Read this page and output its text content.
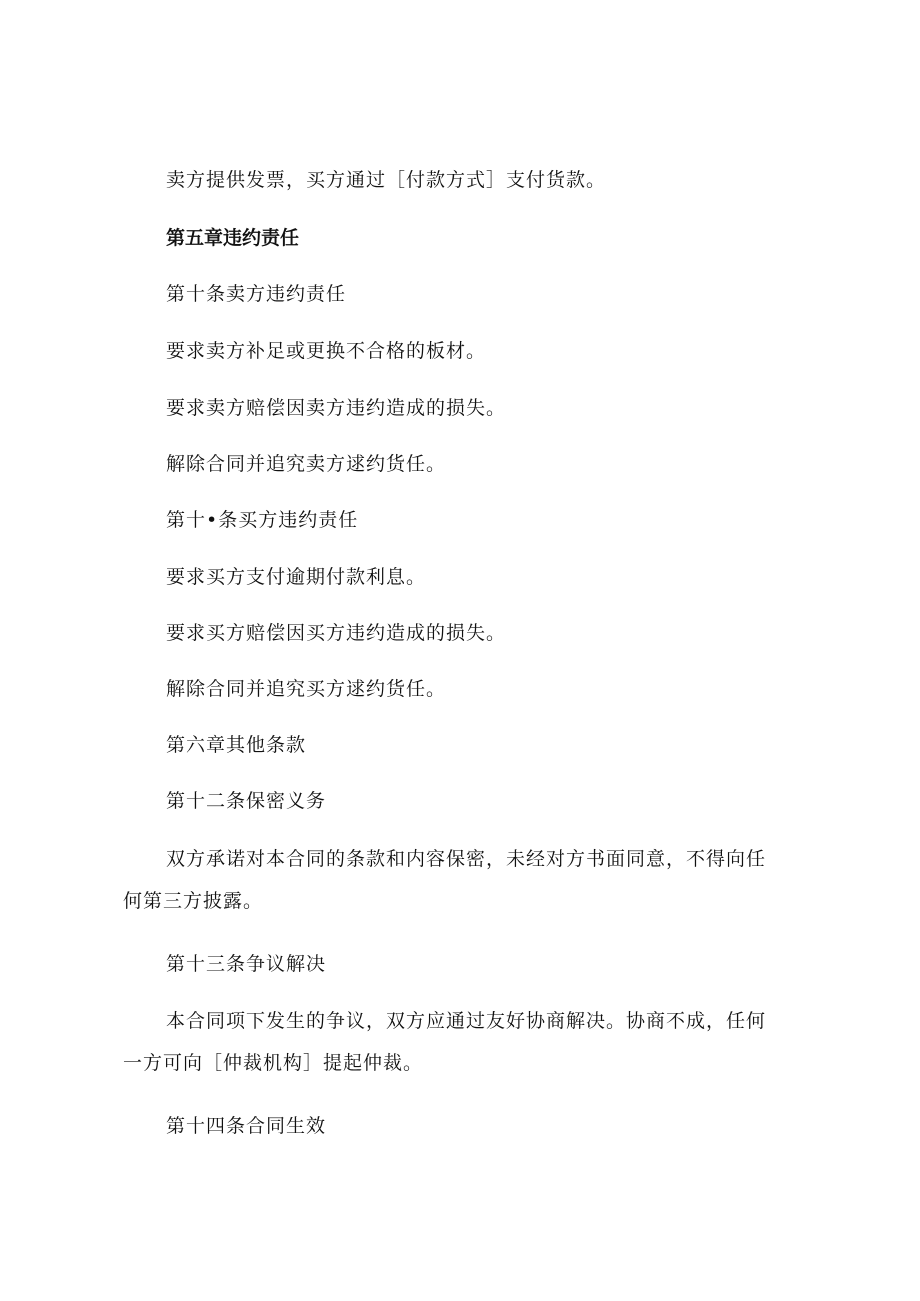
卖方提供发票，买方通过［付款方式］支付货款。
第五章违约责任
第十条卖方违约责任
要求卖方补足或更换不合格的板材。
要求卖方赔偿因卖方违约造成的损失。
解除合同并追究卖方逑约货任。
第十•条买方违约责任
要求买方支付逾期付款利息。
要求买方赔偿因买方违约造成的损失。
解除合同并追究买方逑约货任。
第六章其他条款
第十二条保密义务
双方承诺对本合同的条款和内容保密，未经对方书面同意，不得向任何第三方披露。
第十三条争议解决
本合同项下发生的争议，双方应通过友好协商解决。协商不成，任何一方可向［仲裁机构］提起仲裁。
第十四条合同生效
